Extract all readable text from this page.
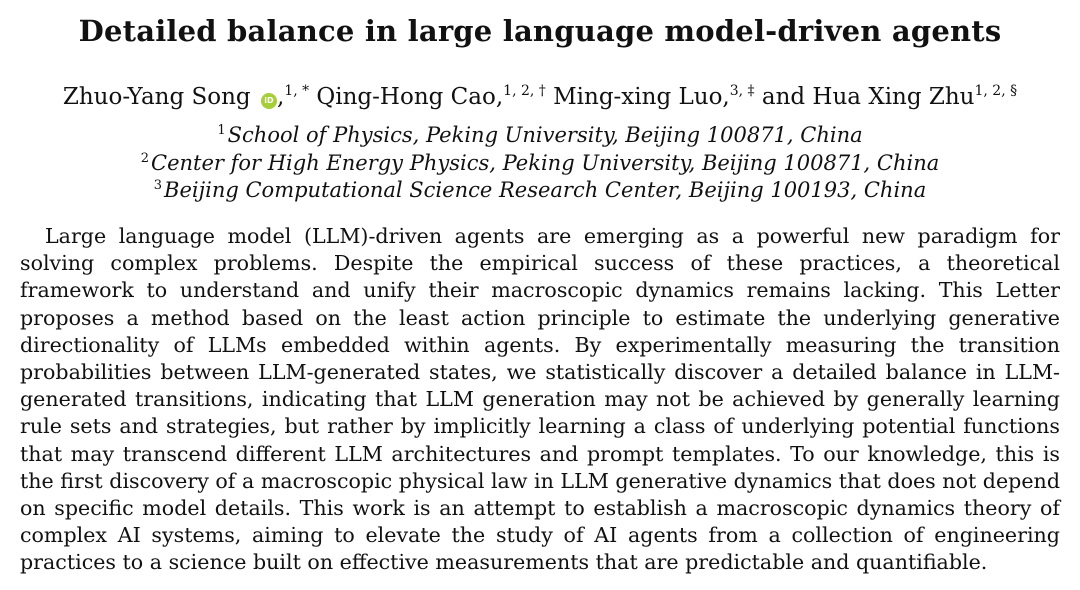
Detailed balance in large language model-driven agents
Zhuo-Yang Song iD ,$^{1, *}$ Qing-Hong Cao,$^{1, 2, \dagger}$ Ming-xing Luo,$^{3, \ddagger}$ and Hua Xing Zhu$^{1, 2, \S}$
$^1$School of Physics, Peking University, Beijing 100871, China
$^2$Center for High Energy Physics, Peking University, Beijing 100871, China
$^3$Beijing Computational Science Research Center, Beijing 100193, China
Large language model (LLM)-driven agents are emerging as a powerful new paradigm for solving complex problems. Despite the empirical success of these practices, a theoretical framework to understand and unify their macroscopic dynamics remains lacking. This Letter proposes a method based on the least action principle to estimate the underlying generative directionality of LLMs embedded within agents. By experimentally measuring the transition probabilities between LLM-generated states, we statistically discover a detailed balance in LLM-generated transitions, indicating that LLM generation may not be achieved by generally learning rule sets and strategies, but rather by implicitly learning a class of underlying potential functions that may transcend different LLM architectures and prompt templates. To our knowledge, this is the first discovery of a macroscopic physical law in LLM generative dynamics that does not depend on specific model details. This work is an attempt to establish a macroscopic dynamics theory of complex AI systems, aiming to elevate the study of AI agents from a collection of engineering practices to a science built on effective measurements that are predictable and quantifiable.
